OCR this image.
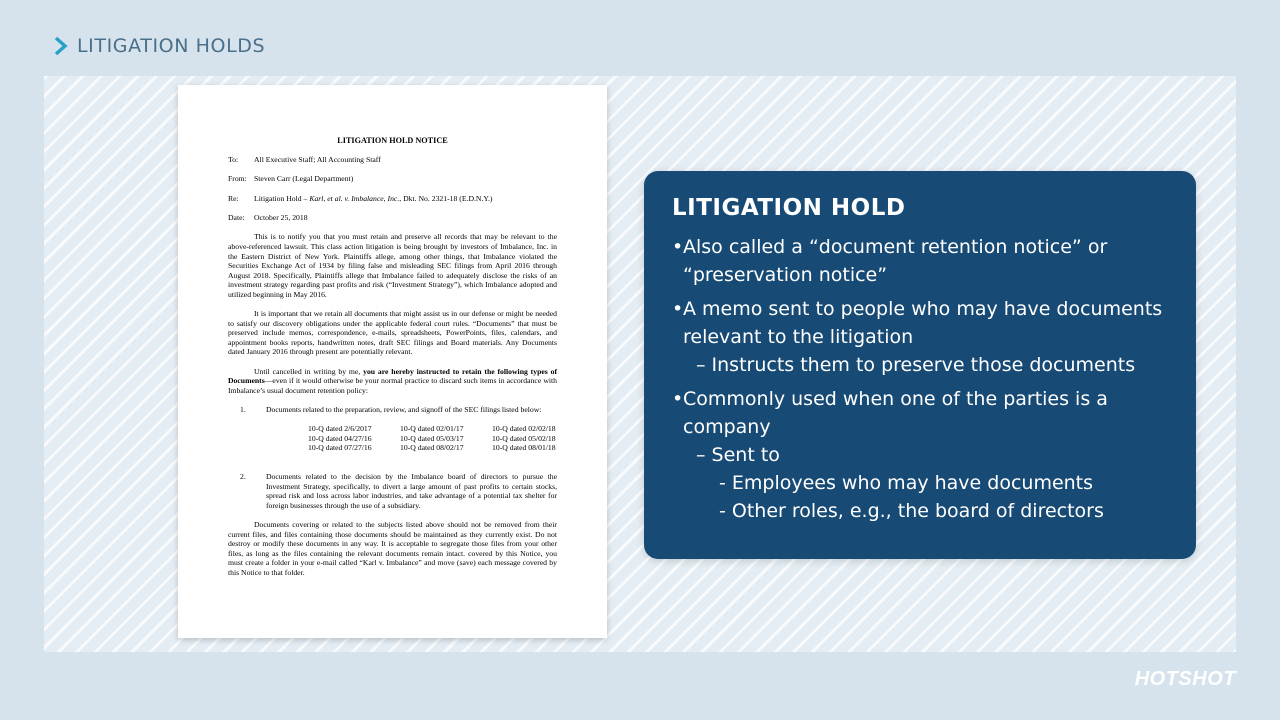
LITIGATION HOLDS
LITIGATION HOLD NOTICE
To:	All Executive Staff; All Accounting Staff
From: Steven Carr (Legal Department)
Re:	Litigation Hold – Karl, et al. v. Imbalance, Inc., Dkt. No. 2321-18 (E.D.N.Y.)
Date:	October 25, 2018
This is to notify you that you must retain and preserve all records that may be relevant to the above-referenced lawsuit. This class action litigation is being brought by investors of Imbalance, Inc. in the Eastern District of New York. Plaintiffs allege, among other things, that Imbalance violated the Securities Exchange Act of 1934 by filing false and misleading SEC filings from April 2016 through August 2018. Specifically, Plaintiffs allege that Imbalance failed to adequately disclose the risks of an investment strategy regarding past profits and risk (“Investment Strategy”), which Imbalance adopted and utilized beginning in May 2016.
It is important that we retain all documents that might assist us in our defense or might be needed to satisfy our discovery obligations under the applicable federal court rules. “Documents” that must be preserved include memos, correspondence, e-mails, spreadsheets, PowerPoints, files, calendars, and appointment books reports, handwritten notes, draft SEC filings and Board materials. Any Documents dated January 2016 through present are potentially relevant.
Until cancelled in writing by me, you are hereby instructed to retain the following types of Documents—even if it would otherwise be your normal practice to discard such items in accordance with Imbalance’s usual document retention policy:
1.	Documents related to the preparation, review, and signoff of the SEC filings listed below:
10-Q dated 2/6/2017	10-Q dated 02/01/17	10-Q dated 02/02/18
10-Q dated 04/27/16	10-Q dated 05/03/17	10-Q dated 05/02/18
10-Q dated 07/27/16	10-Q dated 08/02/17	10-Q dated 08/01/18
2.	Documents related to the decision by the Imbalance board of directors to pursue the Investment Strategy, specifically, to divert a large amount of past profits to certain stocks, spread risk and loss across labor industries, and take advantage of a potential tax shelter for foreign businesses through the use of a subsidiary.
Documents covering or related to the subjects listed above should not be removed from their current files, and files containing those documents should be maintained as they currently exist. Do not destroy or modify these documents in any way. It is acceptable to segregate those files from your other files, as long as the files containing the relevant documents remain intact. covered by this Notice, you must create a folder in your e-mail called “Karl v. Imbalance” and move (save) each message covered by this Notice to that folder.
LITIGATION HOLD
• Also called a “document retention notice” or “preservation notice”
• A memo sent to people who may have documents relevant to the litigation
– Instructs them to preserve those documents
• Commonly used when one of the parties is a company
– Sent to
- Employees who may have documents
- Other roles, e.g., the board of directors
HOTSHOT
